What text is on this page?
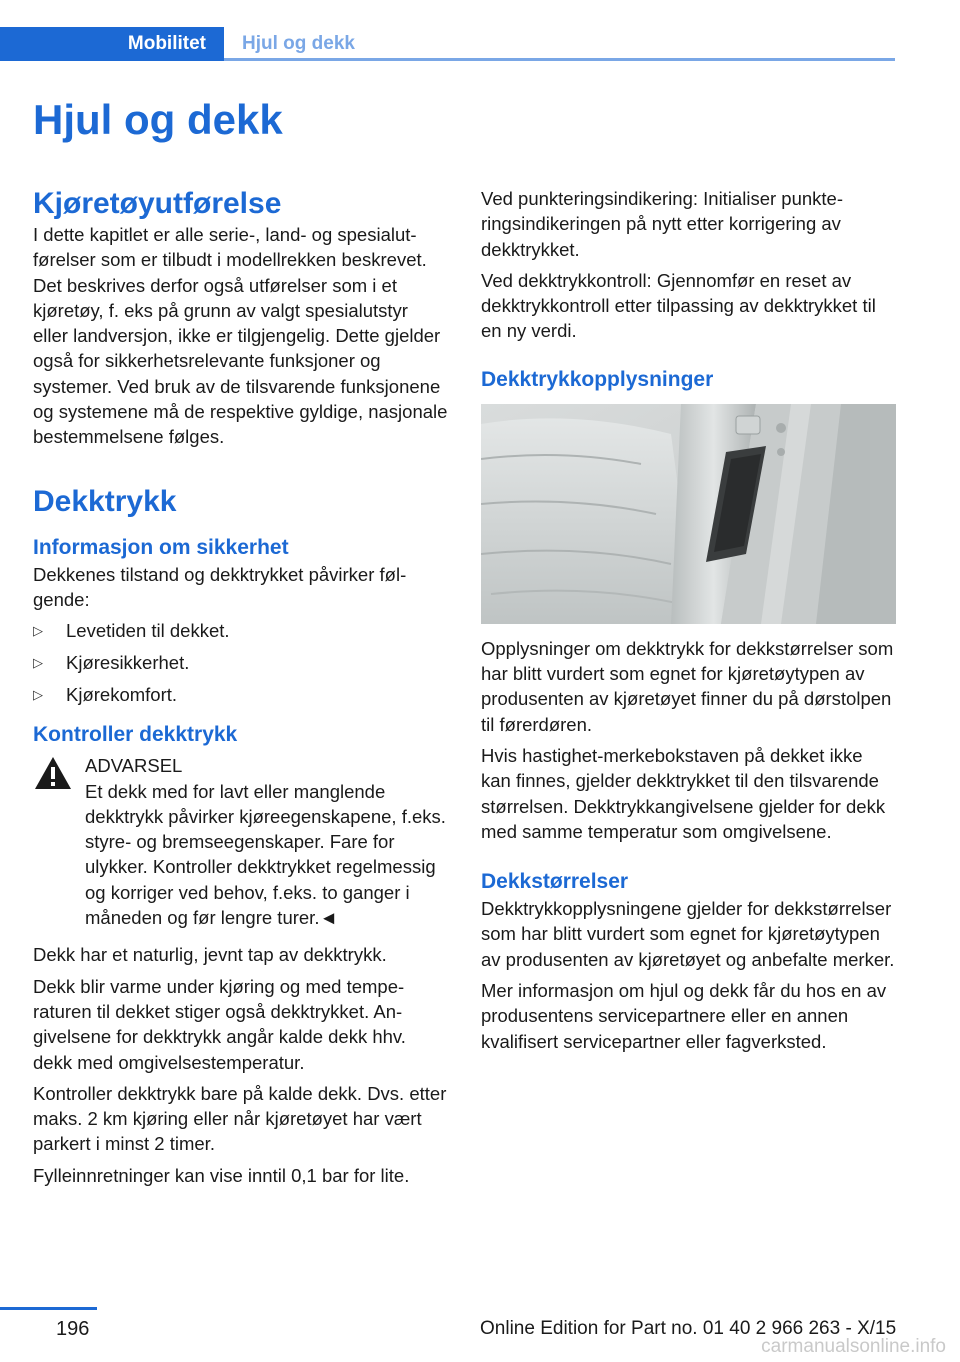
Mobilitet Hjul og dekk
Hjul og dekk
Kjøretøyutførelse

I dette kapitlet er alle serie-, land- og spesialutførelser som er tilbudt i modellrekken beskrevet. Det beskrives derfor også utførelser som i et kjøretøy, f. eks på grunn av valgt spesialutstyr eller landversjon, ikke er tilgjengelig. Dette gjelder også for sikkerhetsrelevante funksjoner og systemer. Ved bruk av de tilsvarende funksjonene og systemene må de respektive gyldige, nasjonale bestemmelsene følges.

Dekktrykk
Informasjon om sikkerhet

Dekkenes tilstand og dekktrykket påvirker følgende:

▷ Levetiden til dekket.
▷ Kjøresikkerhet.
▷ Kjørekomfort.
Kontroller dekktrykk

ADVARSEL

Et dekk med for lavt eller manglende

dekktrykk påvirker kjøreegenskapene, f.eks. styre- og bremseegenskaper. Fare for ulykker. Kontroller dekktrykket regelmessig og korriger ved behov, f.eks. to ganger i måneden og før lengre turer.◄

Dekk har et naturlig, jevnt tap av dekktrykk.

Dekk blir varme under kjøring og med temperaturen til dekket stiger også dekktrykket. Angivelsene for dekktrykk angår kalde dekk hhv. dekk med omgivelsestemperatur.

Kontroller dekktrykk bare på kalde dekk. Dvs. etter maks. 2 km kjøring eller når kjøretøyet har vært parkert i minst 2 timer.

Fylleinnretninger kan vise inntil 0,1 bar for lite.

Ved punkteringsindikering: Initialiser punkteringsindikeringen på nytt etter korrigering av dekktrykket.

Ved dekktrykkontroll: Gjennomfør en reset av dekktrykkontroll etter tilpassing av dekktrykket til en ny verdi.

Dekktrykkopplysninger

Opplysninger om dekktrykk for dekkstørrelser som har blitt vurdert som egnet for kjøretøytypen av produsenten av kjøretøyet finner du på dørstolpen til førerdøren.

Hvis hastighet-merkebokstaven på dekket ikke kan finnes, gjelder dekktrykket til den tilsvarende størrelsen. Dekktrykkangivelsene gjelder for dekk med samme temperatur som omgivelsene.

Dekkstørrelser

Dekktrykkopplysningene gjelder for dekkstørrelser som har blitt vurdert som egnet for kjøretøytypen av produsenten av kjøretøyet og anbefalte merker.

Mer informasjon om hjul og dekk får du hos en av produsentens servicepartnere eller en annen kvalifisert servicepartner eller fagverksted.

196	Online Edition for Part no. 01 40 2 966 263 - X/15
carmanualsonline.info
